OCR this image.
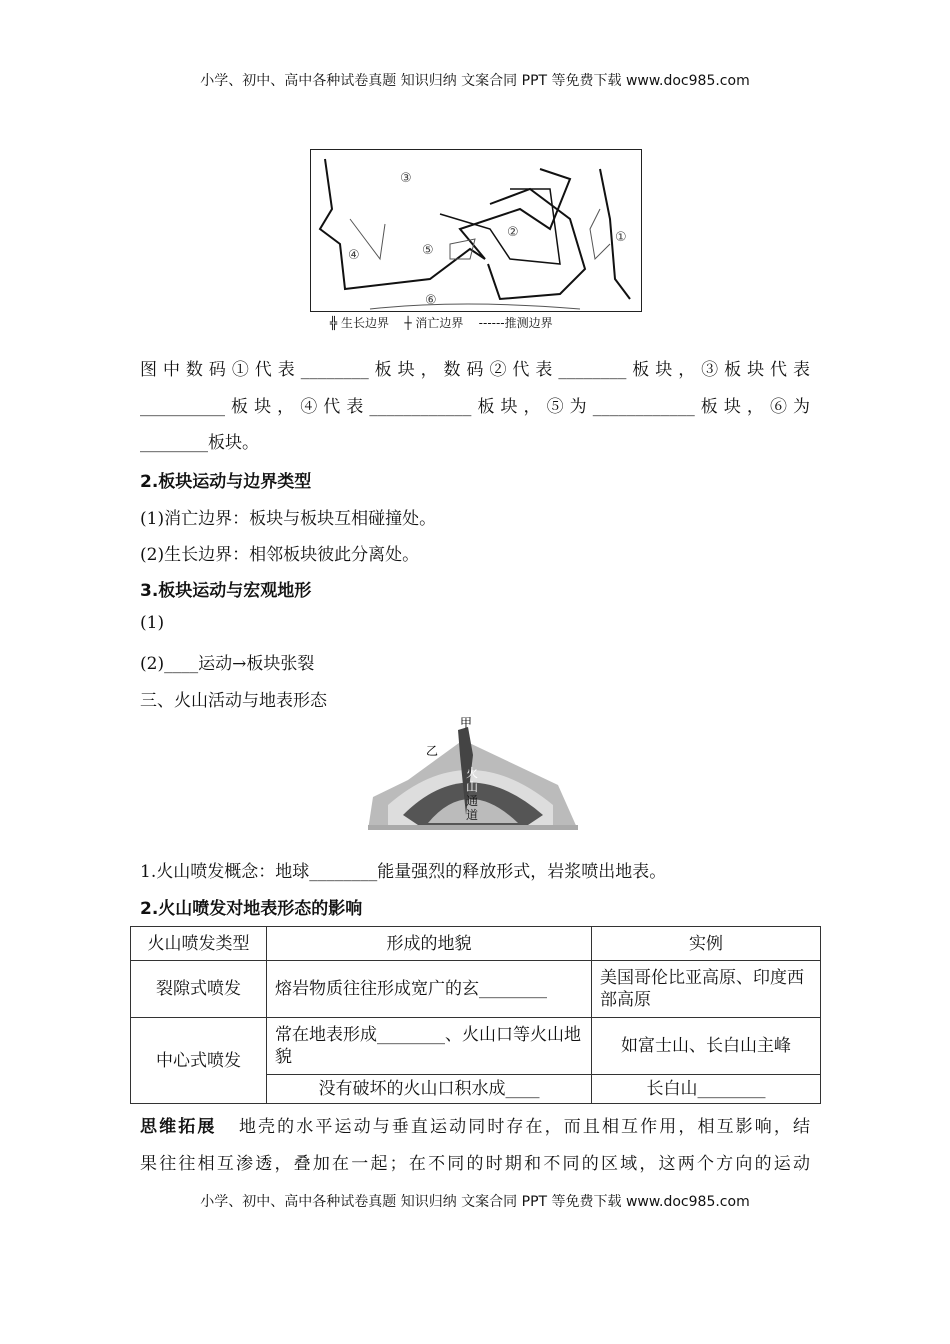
小学、初中、高中各种试卷真题 知识归纳 文案合同 PPT 等免费下载 www.doc985.com
①
②
③
④	⑤
⑥
╬ 生长边界 ┼ 消亡边界 ------推测边界
图中数码①代表________板块，数码②代表________板块，③板块代表
__________板块，④代表____________板块，⑤为____________板块，⑥为
________板块。
2.板块运动与边界类型
(1)消亡边界：板块与板块互相碰撞处。
(2)生长边界：相邻板块彼此分离处。
3.板块运动与宏观地形
(1)
(2)____运动→板块张裂
三、火山活动与地表形态
甲
乙
火
山
通
道
1.火山喷发概念：地球________能量强烈的释放形式，岩浆喷出地表。
2.火山喷发对地表形态的影响
火山喷发类型	形成的地貌	实例
裂隙式喷发	熔岩物质往往形成宽广的玄________	美国哥伦比亚高原、印度西部高原
中心式喷发	常在地表形成________、火山口等火山地貌	如富士山、长白山主峰
	没有破坏的火山口积水成____	长白山________
思维拓展 地壳的水平运动与垂直运动同时存在，而且相互作用，相互影响，结
果往往相互渗透，叠加在一起；在不同的时期和不同的区域，这两个方向的运动
小学、初中、高中各种试卷真题 知识归纳 文案合同 PPT 等免费下载 www.doc985.com
